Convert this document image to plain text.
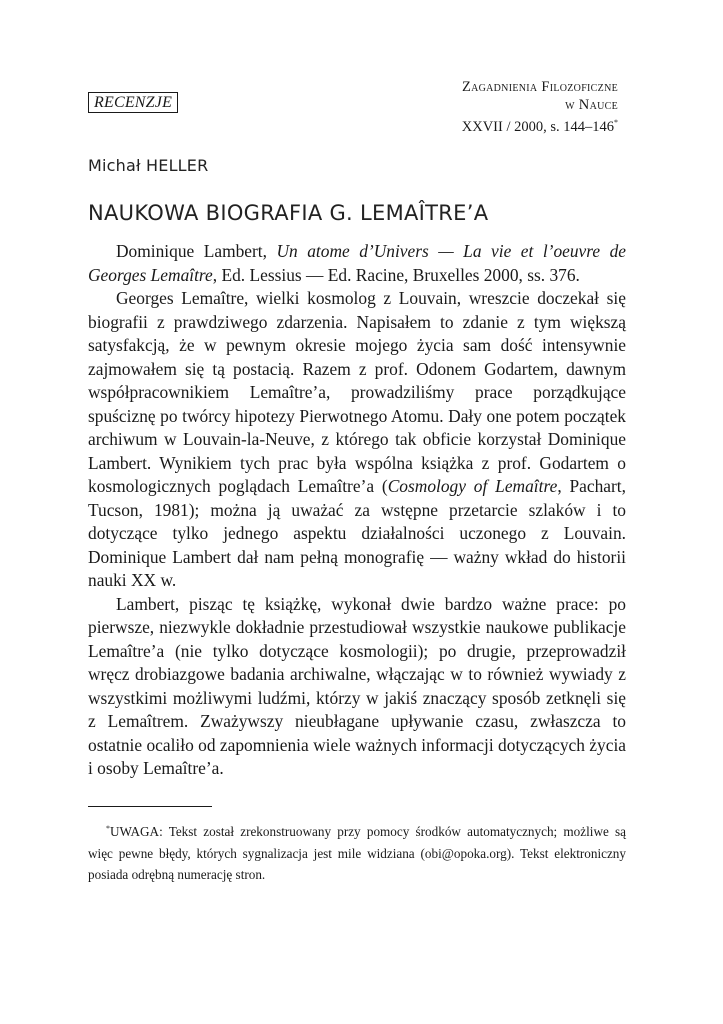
RECENZJE
Zagadnienia Filozoficzne
w Nauce
XXVII / 2000, s. 144–146*
Michał HELLER
NAUKOWA BIOGRAFIA G. LEMAÎTRE’A

Dominique Lambert, Un atome d’Univers — La vie et l’oeuvre de Georges Lemaître, Ed. Lessius — Ed. Racine, Bruxelles 2000, ss. 376.

Georges Lemaître, wielki kosmolog z Louvain, wreszcie doczekał się biografii z prawdziwego zdarzenia. Napisałem to zdanie z tym większą satysfakcją, że w pewnym okresie mojego życia sam dość intensywnie zajmowałem się tą postacią. Razem z prof. Odonem Godartem, dawnym współpracownikiem Lemaître’a, prowadziliśmy prace porządkujące spuściznę po twórcy hipotezy Pierwotnego Atomu. Dały one potem początek archiwum w Louvain-la-Neuve, z którego tak obficie korzystał Dominique Lambert. Wynikiem tych prac była wspólna książka z prof. Godartem o kosmologicznych poglądach Lemaître’a (Cosmology of Lemaître, Pachart, Tucson, 1981); można ją uważać za wstępne przetarcie szlaków i to dotyczące tylko jednego aspektu działalności uczonego z Louvain. Dominique Lambert dał nam pełną monografię — ważny wkład do historii nauki XX w.

Lambert, pisząc tę książkę, wykonał dwie bardzo ważne prace: po pierwsze, niezwykle dokładnie przestudiował wszystkie naukowe publikacje Lemaître’a (nie tylko dotyczące kosmologii); po drugie, przeprowadził wręcz drobiazgowe badania archiwalne, włączając w to również wywiady z wszystkimi możliwymi ludźmi, którzy w jakiś znaczący sposób zetknęli się z Lemaîtrem. Zważywszy nieubłagane upływanie czasu, zwłaszcza to ostatnie ocaliło od zapomnienia wiele ważnych informacji dotyczących życia i osoby Lemaître’a.

*UWAGA: Tekst został zrekonstruowany przy pomocy środków automatycznych; możliwe są więc pewne błędy, których sygnalizacja jest mile widziana (obi@opoka.org). Tekst elektroniczny posiada odrębną numerację stron.
